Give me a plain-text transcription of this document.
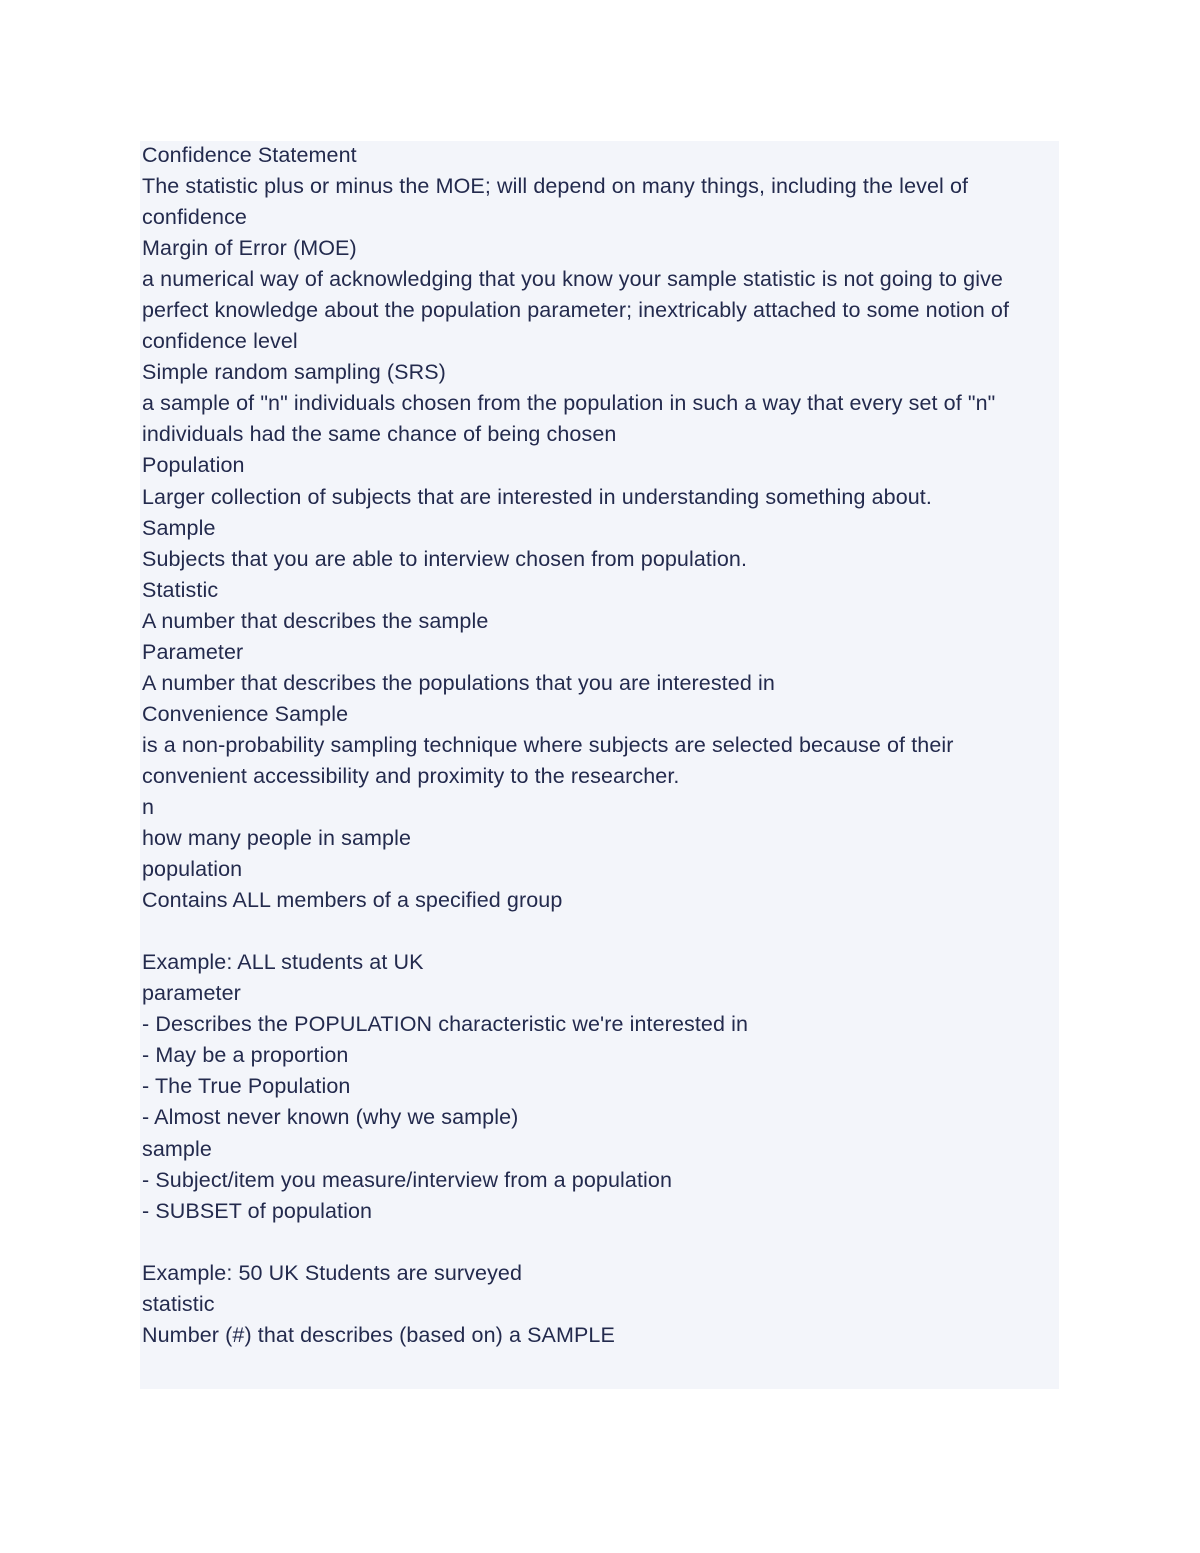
Confidence Statement
The statistic plus or minus the MOE; will depend on many things, including the level of confidence
Margin of Error (MOE)
a numerical way of acknowledging that you know your sample statistic is not going to give perfect knowledge about the population parameter; inextricably attached to some notion of confidence level
Simple random sampling (SRS)
a sample of "n" individuals chosen from the population in such a way that every set of "n" individuals had the same chance of being chosen
Population
Larger collection of subjects that are interested in understanding something about.
Sample
Subjects that you are able to interview chosen from population.
Statistic
A number that describes the sample
Parameter
A number that describes the populations that you are interested in
Convenience Sample
is a non-probability sampling technique where subjects are selected because of their convenient accessibility and proximity to the researcher.
n
how many people in sample
population
Contains ALL members of a specified group
Example: ALL students at UK
parameter
- Describes the POPULATION characteristic we're interested in
- May be a proportion
- The True Population
- Almost never known (why we sample)
sample
- Subject/item you measure/interview from a population
- SUBSET of population
Example: 50 UK Students are surveyed
statistic
Number (#) that describes (based on) a SAMPLE
